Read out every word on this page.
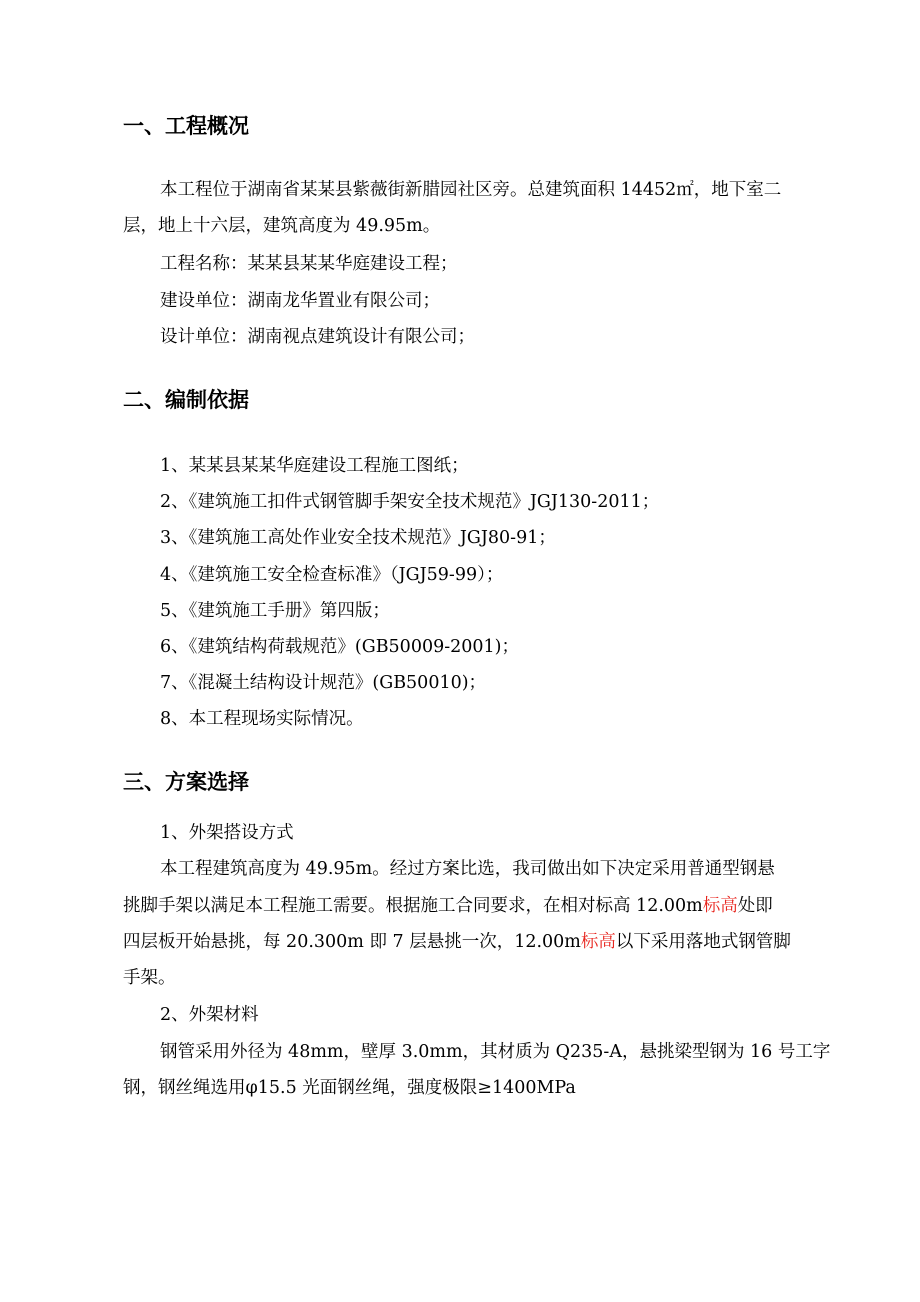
一、工程概况

本工程位于湖南省某某县紫薇街新腊园社区旁。总建筑面积 14452㎡，地下室二

层，地上十六层，建筑高度为 49.95m。

工程名称：某某县某某华庭建设工程；

建设单位：湖南龙华置业有限公司；

设计单位：湖南视点建筑设计有限公司；

二、编制依据

1、某某县某某华庭建设工程施工图纸；

2、《建筑施工扣件式钢管脚手架安全技术规范》JGJ130-2011；

3、《建筑施工高处作业安全技术规范》JGJ80-91；

4、《建筑施工安全检查标准》（JGJ59-99）；

5、《建筑施工手册》第四版；

6、《建筑结构荷载规范》(GB50009-2001)；

7、《混凝土结构设计规范》(GB50010)；

8、本工程现场实际情况。

三、方案选择

1、外架搭设方式

本工程建筑高度为 49.95m。经过方案比选，我司做出如下决定采用普通型钢悬

挑脚手架以满足本工程施工需要。根据施工合同要求，在相对标高 12.00m标高处即

四层板开始悬挑，每 20.300m 即 7 层悬挑一次，12.00m标高以下采用落地式钢管脚

手架。

2、外架材料

钢管采用外径为 48mm，壁厚 3.0mm，其材质为 Q235-A，悬挑梁型钢为 16 号工字

钢，钢丝绳选用φ15.5 光面钢丝绳，强度极限≥1400MPa
